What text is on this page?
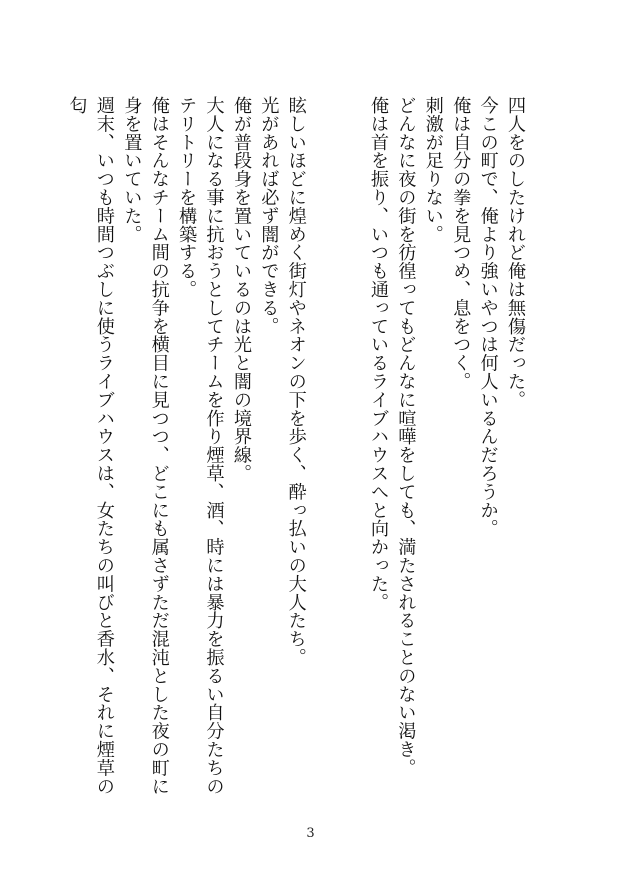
四人をのしたけれど俺は無傷だった。
今この町で、俺より強いやつは何人いるんだろうか。
俺は自分の拳を見つめ、息をつく。
刺激が足りない。
どんなに夜の街を彷徨ってもどんなに喧嘩をしても、満たされることのない渇き。
俺は首を振り、いつも通っているライブハウスへと向かった。

眩しいほどに煌めく街灯やネオンの下を歩く、酔っ払いの大人たち。
光があれば必ず闇ができる。
俺が普段身を置いているのは光と闇の境界線。
大人になる事に抗おうとしてチームを作り煙草、酒、時には暴力を振るい自分たちのテリトリーを構築する。
俺はそんなチーム間の抗争を横目に見つつ、どこにも属さずただ混沌とした夜の町に身を置いていた。
週末、いつも時間つぶしに使うライブハウスは、女たちの叫びと香水、それに煙草の匂
3
